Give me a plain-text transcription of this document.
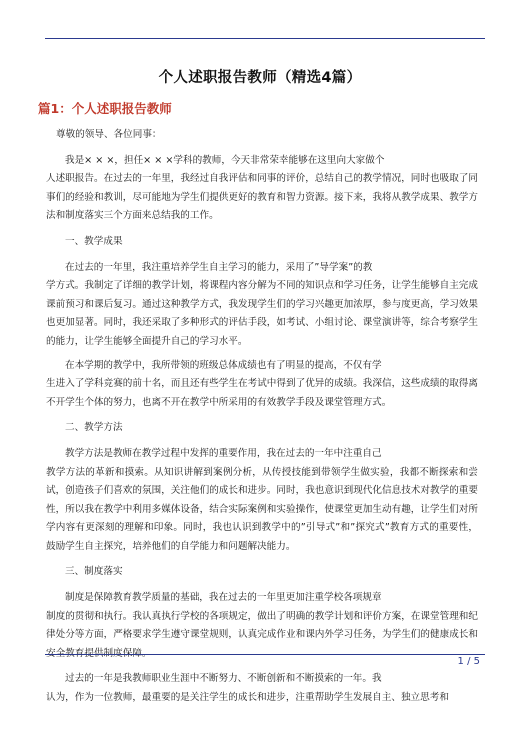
个人述职报告教师（精选4篇）
篇1：个人述职报告教师
尊敬的领导、各位同事：
我是× × ×，担任× × ×学科的教师，今天非常荣幸能够在这里向大家做个
人述职报告。在过去的一年里，我经过自我评估和同事的评价，总结自己的教学情况，同时也吸取了同事们的经验和教训，尽可能地为学生们提供更好的教育和智力资源。接下来，我将从教学成果、教学方法和制度落实三个方面来总结我的工作。
一、教学成果
在过去的一年里，我注重培养学生自主学习的能力，采用了”导学案”的教
学方式。我制定了详细的教学计划，将课程内容分解为不同的知识点和学习任务，让学生能够自主完成课前预习和课后复习。通过这种教学方式，我发现学生们的学习兴趣更加浓厚，参与度更高，学习效果也更加显著。同时，我还采取了多种形式的评估手段，如考试、小组讨论、课堂演讲等，综合考察学生的能力，让学生能够全面提升自己的学习水平。
在本学期的教学中，我所带领的班级总体成绩也有了明显的提高，不仅有学
生进入了学科竞赛的前十名，而且还有些学生在考试中得到了优异的成绩。我深信，这些成绩的取得离不开学生个体的努力，也离不开在教学中所采用的有效教学手段及课堂管理方式。
二、教学方法
教学方法是教师在教学过程中发挥的重要作用，我在过去的一年中注重自己
教学方法的革新和摸索。从知识讲解到案例分析，从传授技能到带领学生做实验，我都不断探索和尝试，创造孩子们喜欢的氛围，关注他们的成长和进步。同时，我也意识到现代化信息技术对教学的重要性，所以我在教学中利用多媒体设备，结合实际案例和实验操作，使课堂更加生动有趣，让学生们对所学内容有更深刻的理解和印象。同时，我也认识到教学中的”引导式”和”探究式”教育方式的重要性，鼓励学生自主探究，培养他们的自学能力和问题解决能力。
三、制度落实
制度是保障教育教学质量的基础，我在过去的一年里更加注重学校各项规章
制度的贯彻和执行。我认真执行学校的各项规定，做出了明确的教学计划和评价方案，在课堂管理和纪律处分等方面，严格要求学生遵守课堂规则，认真完成作业和课内外学习任务，为学生们的健康成长和
过去的一年是我教师职业生涯中不断努力、不断创新和不断摸索的一年。我
认为，作为一位教师，最重要的是关注学生的成长和进步，注重帮助学生发展自主、独立思考和
1 / 5
